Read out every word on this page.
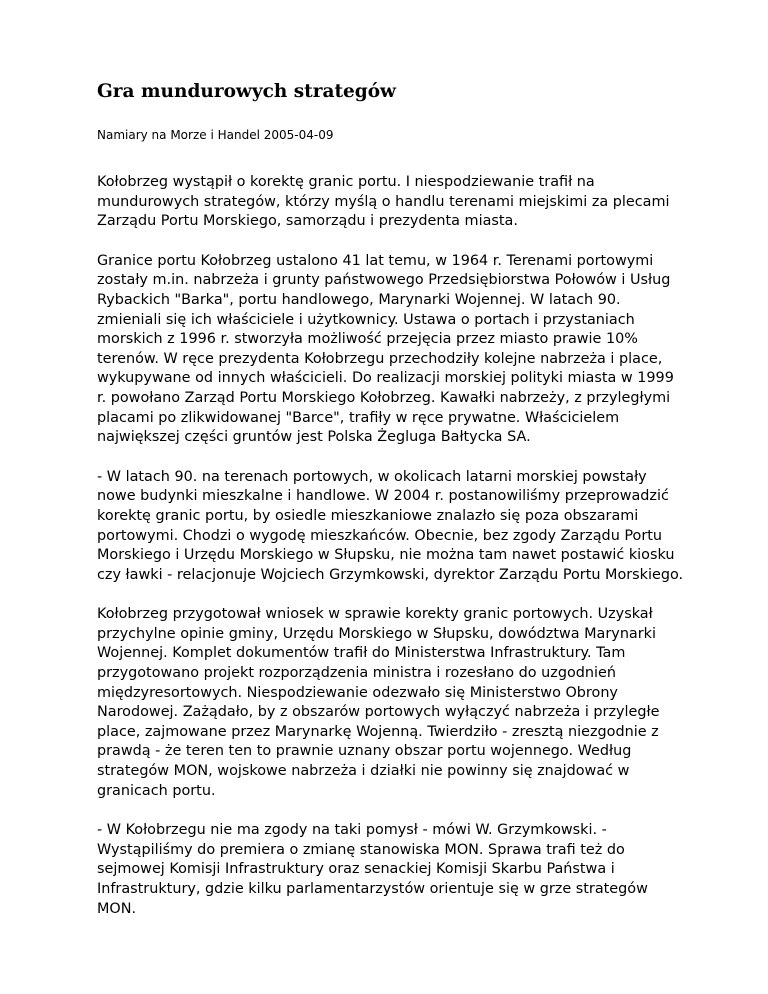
Gra mundurowych strategów
Namiary na Morze i Handel 2005-04-09

Kołobrzeg wystąpił o korektę granic portu. I niespodziewanie trafił na mundurowych strategów, którzy myślą o handlu terenami miejskimi za plecami Zarządu Portu Morskiego, samorządu i prezydenta miasta.

Granice portu Kołobrzeg ustalono 41 lat temu, w 1964 r. Terenami portowymi zostały m.in. nabrzeża i grunty państwowego Przedsiębiorstwa Połowów i Usług Rybackich "Barka", portu handlowego, Marynarki Wojennej. W latach 90. zmieniali się ich właściciele i użytkownicy. Ustawa o portach i przystaniach morskich z 1996 r. stworzyła możliwość przejęcia przez miasto prawie 10% terenów. W ręce prezydenta Kołobrzegu przechodziły kolejne nabrzeża i place, wykupywane od innych właścicieli. Do realizacji morskiej polityki miasta w 1999 r. powołano Zarząd Portu Morskiego Kołobrzeg. Kawałki nabrzeży, z przyległymi placami po zlikwidowanej "Barce", trafiły w ręce prywatne. Właścicielem największej części gruntów jest Polska Żegluga Bałtycka SA.

- W latach 90. na terenach portowych, w okolicach latarni morskiej powstały nowe budynki mieszkalne i handlowe. W 2004 r. postanowiliśmy przeprowadzić korektę granic portu, by osiedle mieszkaniowe znalazło się poza obszarami portowymi. Chodzi o wygodę mieszkańców. Obecnie, bez zgody Zarządu Portu Morskiego i Urzędu Morskiego w Słupsku, nie można tam nawet postawić kiosku czy ławki - relacjonuje Wojciech Grzymkowski, dyrektor Zarządu Portu Morskiego.

Kołobrzeg przygotował wniosek w sprawie korekty granic portowych. Uzyskał przychylne opinie gminy, Urzędu Morskiego w Słupsku, dowództwa Marynarki Wojennej. Komplet dokumentów trafił do Ministerstwa Infrastruktury. Tam przygotowano projekt rozporządzenia ministra i rozesłano do uzgodnień międzyresortowych. Niespodziewanie odezwało się Ministerstwo Obrony Narodowej. Zażądało, by z obszarów portowych wyłączyć nabrzeża i przyległe place, zajmowane przez Marynarkę Wojenną. Twierdziło - zresztą niezgodnie z prawdą - że teren ten to prawnie uznany obszar portu wojennego. Według strategów MON, wojskowe nabrzeża i działki nie powinny się znajdować w granicach portu.

- W Kołobrzegu nie ma zgody na taki pomysł - mówi W. Grzymkowski. - Wystąpiliśmy do premiera o zmianę stanowiska MON. Sprawa trafi też do sejmowej Komisji Infrastruktury oraz senackiej Komisji Skarbu Państwa i Infrastruktury, gdzie kilku parlamentarzystów orientuje się w grze strategów MON.
